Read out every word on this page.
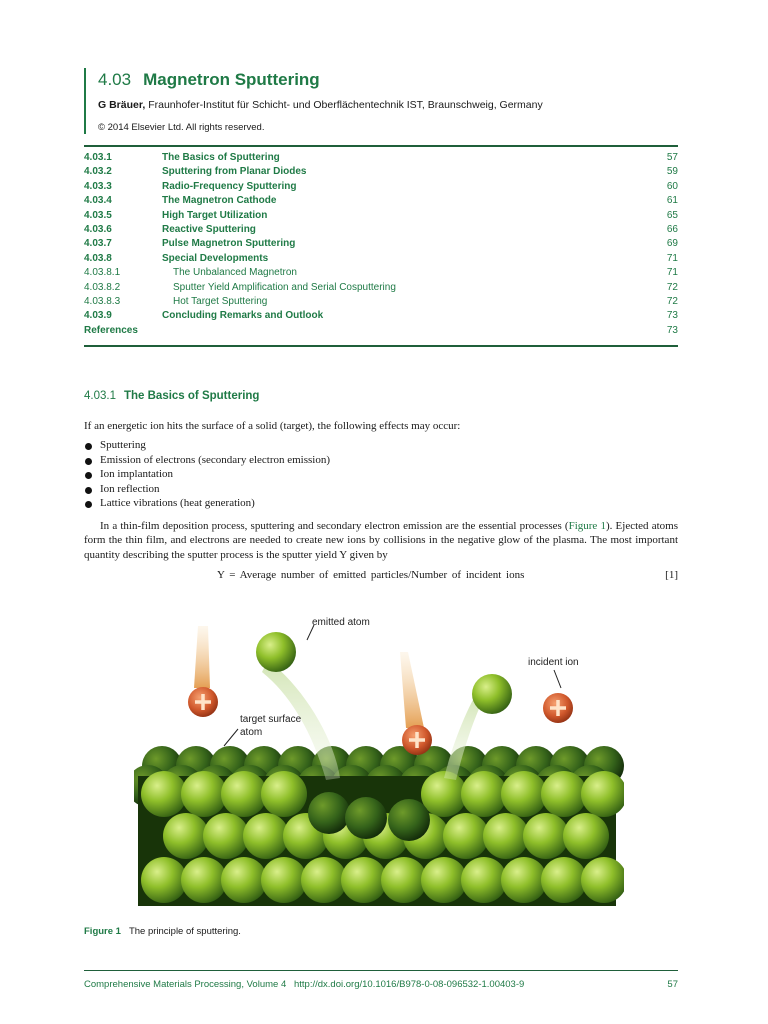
4.03 Magnetron Sputtering
G Bräuer, Fraunhofer-Institut für Schicht- und Oberflächentechnik IST, Braunschweig, Germany
© 2014 Elsevier Ltd. All rights reserved.
4.03.1	The Basics of Sputtering	57
4.03.2	Sputtering from Planar Diodes	59
4.03.3	Radio-Frequency Sputtering	60
4.03.4	The Magnetron Cathode	61
4.03.5	High Target Utilization	65
4.03.6	Reactive Sputtering	66
4.03.7	Pulse Magnetron Sputtering	69
4.03.8	Special Developments	71
4.03.8.1	The Unbalanced Magnetron	71
4.03.8.2	Sputter Yield Amplification and Serial Cosputtering	72
4.03.8.3	Hot Target Sputtering	72
4.03.9	Concluding Remarks and Outlook	73
References	73
4.03.1 The Basics of Sputtering
If an energetic ion hits the surface of a solid (target), the following effects may occur:
Sputtering
Emission of electrons (secondary electron emission)
Ion implantation
Ion reflection
Lattice vibrations (heat generation)
In a thin-film deposition process, sputtering and secondary electron emission are the essential processes (Figure 1). Ejected atoms form the thin film, and electrons are needed to create new ions by collisions in the negative glow of the plasma. The most important quantity describing the sputter process is the sputter yield Y given by
Y = Average number of emitted particles/Number of incident ions	[1]
emitted atom
incident ion
target surface
atom
Figure 1 The principle of sputtering.
Comprehensive Materials Processing, Volume 4 http://dx.doi.org/10.1016/B978-0-08-096532-1.00403-9	57
